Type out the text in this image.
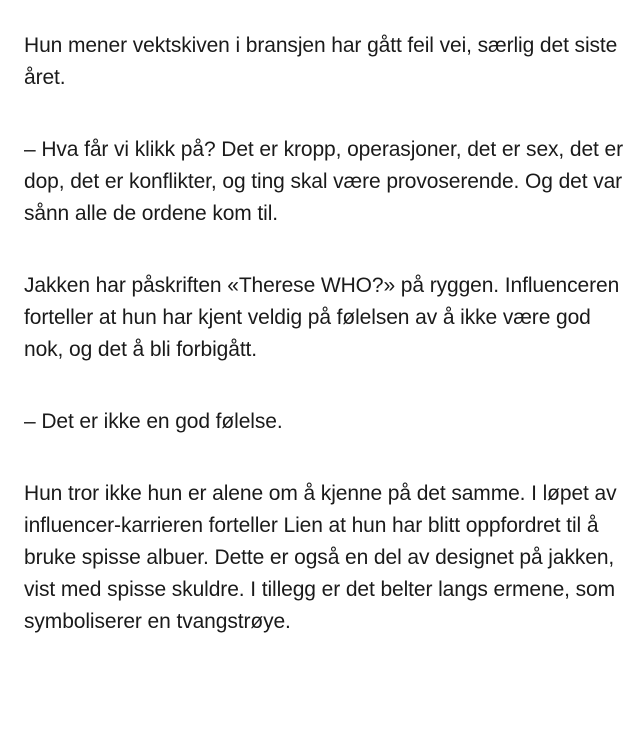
Hun mener vektskiven i bransjen har gått feil vei, særlig det siste året.

– Hva får vi klikk på? Det er kropp, operasjoner, det er sex, det er dop, det er konflikter, og ting skal være provoserende. Og det var sånn alle de ordene kom til.

Jakken har påskriften «Therese WHO?» på ryggen. Influenceren forteller at hun har kjent veldig på følelsen av å ikke være god nok, og det å bli forbigått.

– Det er ikke en god følelse.

Hun tror ikke hun er alene om å kjenne på det samme. I løpet av influencer-karrieren forteller Lien at hun har blitt oppfordret til å bruke spisse albuer. Dette er også en del av designet på jakken, vist med spisse skuldre. I tillegg er det belter langs ermene, som symboliserer en tvangstrøye.
